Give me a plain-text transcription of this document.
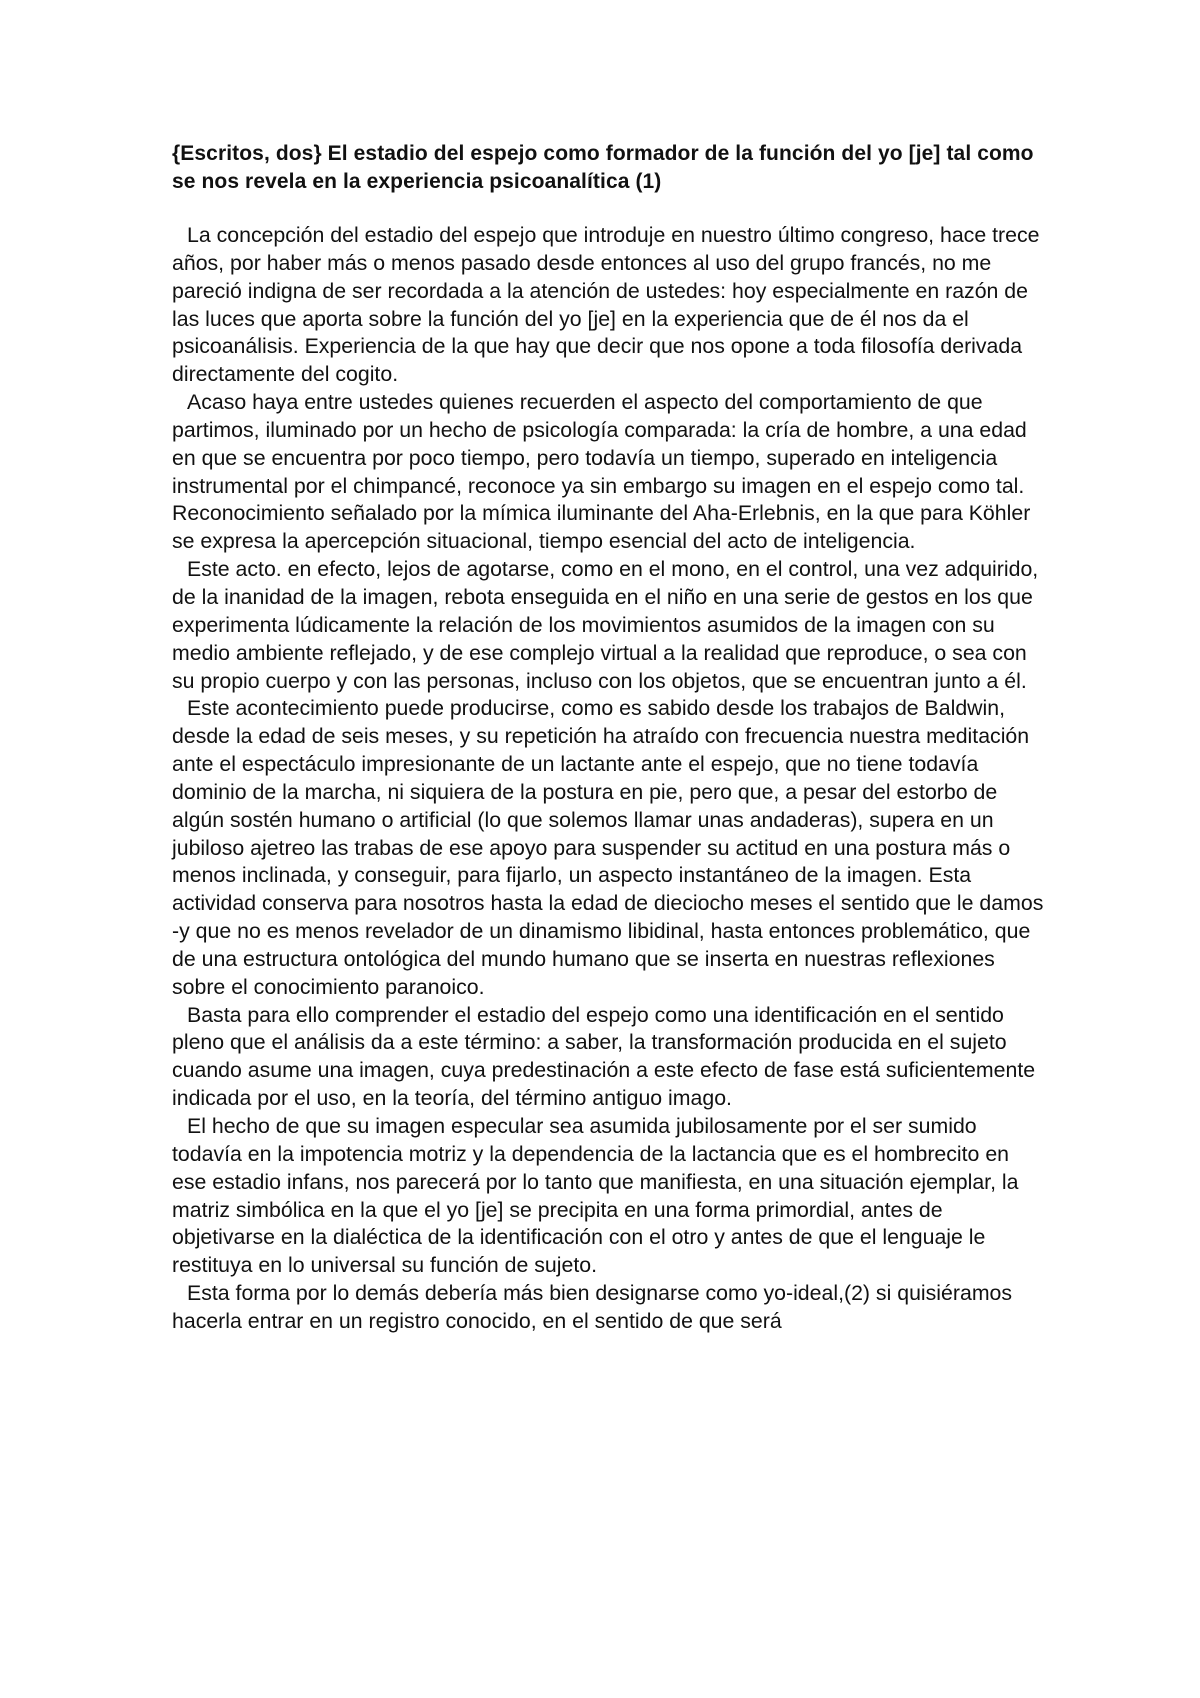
{Escritos, dos} El estadio del espejo como formador de la función del yo [je] tal como se nos revela en la experiencia psicoanalítica (1)

La concepción del estadio del espejo que introduje en nuestro último congreso, hace trece años, por haber más o menos pasado desde entonces al uso del grupo francés, no me pareció indigna de ser recordada a la atención de ustedes: hoy especialmente en razón de las luces que aporta sobre la función del yo [je] en la experiencia que de él nos da el psicoanálisis. Experiencia de la que hay que decir que nos opone a toda filosofía derivada directamente del cogito.

Acaso haya entre ustedes quienes recuerden el aspecto del comportamiento de que partimos, iluminado por un hecho de psicología comparada: la cría de hombre, a una edad en que se encuentra por poco tiempo, pero todavía un tiempo, superado en inteligencia instrumental por el chimpancé, reconoce ya sin embargo su imagen en el espejo como tal. Reconocimiento señalado por la mímica iluminante del Aha-Erlebnis, en la que para Köhler se expresa la apercepción situacional, tiempo esencial del acto de inteligencia.

Este acto. en efecto, lejos de agotarse, como en el mono, en el control, una vez adquirido, de la inanidad de la imagen, rebota enseguida en el niño en una serie de gestos en los que experimenta lúdicamente la relación de los movimientos asumidos de la imagen con su medio ambiente reflejado, y de ese complejo virtual a la realidad que reproduce, o sea con su propio cuerpo y con las personas, incluso con los objetos, que se encuentran junto a él.

Este acontecimiento puede producirse, como es sabido desde los trabajos de Baldwin, desde la edad de seis meses, y su repetición ha atraído con frecuencia nuestra meditación ante el espectáculo impresionante de un lactante ante el espejo, que no tiene todavía dominio de la marcha, ni siquiera de la postura en pie, pero que, a pesar del estorbo de algún sostén humano o artificial (lo que solemos llamar unas andaderas), supera en un jubiloso ajetreo las trabas de ese apoyo para suspender su actitud en una postura más o menos inclinada, y conseguir, para fijarlo, un aspecto instantáneo de la imagen. Esta actividad conserva para nosotros hasta la edad de dieciocho meses el sentido que le damos -y que no es menos revelador de un dinamismo libidinal, hasta entonces problemático, que de una estructura ontológica del mundo humano que se inserta en nuestras reflexiones sobre el conocimiento paranoico.

Basta para ello comprender el estadio del espejo como una identificación en el sentido pleno que el análisis da a este término: a saber, la transformación producida en el sujeto cuando asume una imagen, cuya predestinación a este efecto de fase está suficientemente indicada por el uso, en la teoría, del término antiguo imago.

El hecho de que su imagen especular sea asumida jubilosamente por el ser sumido todavía en la impotencia motriz y la dependencia de la lactancia que es el hombrecito en ese estadio infans, nos parecerá por lo tanto que manifiesta, en una situación ejemplar, la matriz simbólica en la que el yo [je] se precipita en una forma primordial, antes de objetivarse en la dialéctica de la identificación con el otro y antes de que el lenguaje le restituya en lo universal su función de sujeto.

Esta forma por lo demás debería más bien designarse como yo-ideal,(2) si quisiéramos hacerla entrar en un registro conocido, en el sentido de que será
